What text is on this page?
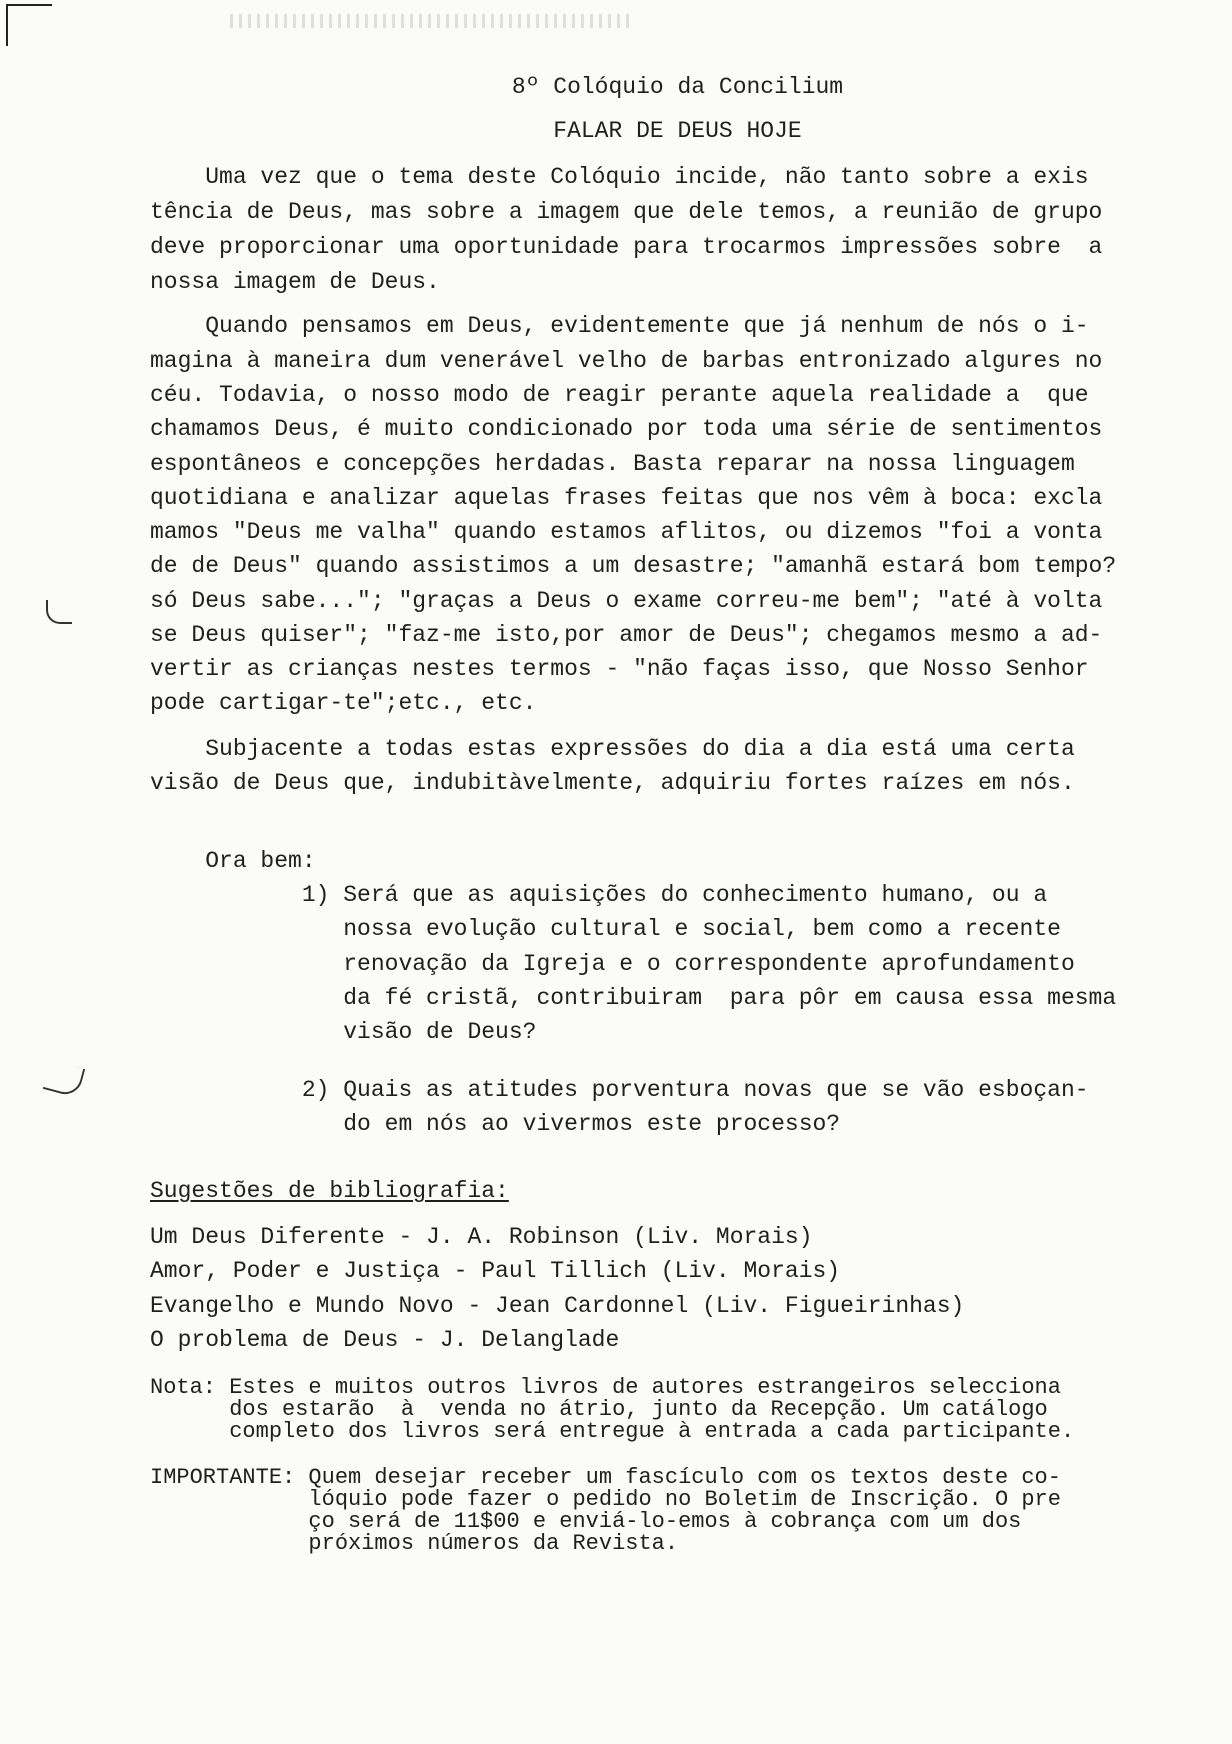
8º Colóquio da Concilium

FALAR DE DEUS HOJE

Uma vez que o tema deste Colóquio incide, não tanto sobre a exis

tência de Deus, mas sobre a imagem que dele temos, a reunião de grupo

deve proporcionar uma oportunidade para trocarmos impressões sobre  a

nossa imagem de Deus.

Quando pensamos em Deus, evidentemente que já nenhum de nós o i-

magina à maneira dum venerável velho de barbas entronizado algures no

céu. Todavia, o nosso modo de reagir perante aquela realidade a  que

chamamos Deus, é muito condicionado por toda uma série de sentimentos

espontâneos e concepções herdadas. Basta reparar na nossa linguagem

quotidiana e analizar aquelas frases feitas que nos vêm à boca: excla

mamos "Deus me valha" quando estamos aflitos, ou dizemos "foi a vonta

de de Deus" quando assistimos a um desastre; "amanhã estará bom tempo?

só Deus sabe..."; "graças a Deus o exame correu-me bem"; "até à volta

se Deus quiser"; "faz-me isto,por amor de Deus"; chegamos mesmo a ad-

vertir as crianças nestes termos - "não faças isso, que Nosso Senhor

pode cartigar-te";etc., etc.

Subjacente a todas estas expressões do dia a dia está uma certa

visão de Deus que, indubitàvelmente, adquiriu fortes raízes em nós.

Ora bem:

1) Será que as aquisições do conhecimento humano, ou a

nossa evolução cultural e social, bem como a recente

renovação da Igreja e o correspondente aprofundamento

da fé cristã, contribuiram  para pôr em causa essa mesma

visão de Deus?

2) Quais as atitudes porventura novas que se vão esboçan-

do em nós ao vivermos este processo?

Sugestões de bibliografia:

Um Deus Diferente - J. A. Robinson (Liv. Morais)

Amor, Poder e Justiça - Paul Tillich (Liv. Morais)

Evangelho e Mundo Novo - Jean Cardonnel (Liv. Figueirinhas)

O problema de Deus - J. Delanglade

Nota: Estes e muitos outros livros de autores estrangeiros selecciona

dos estarão  à  venda no átrio, junto da Recepção. Um catálogo

completo dos livros será entregue à entrada a cada participante.

IMPORTANTE: Quem desejar receber um fascículo com os textos deste co-

lóquio pode fazer o pedido no Boletim de Inscrição. O pre

ço será de 11$00 e enviá-lo-emos à cobrança com um dos

próximos números da Revista.
